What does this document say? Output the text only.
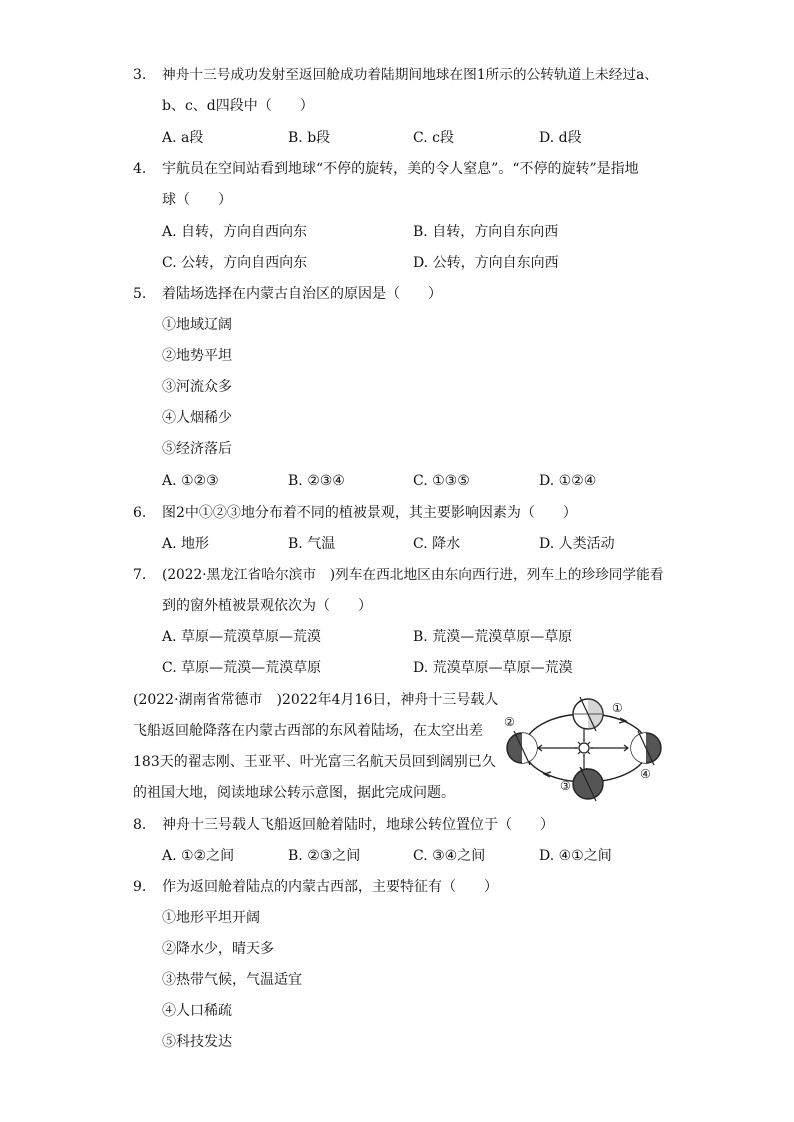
3. 神舟十三号成功发射至返回舱成功着陆期间地球在图1所示的公转轨道上未经过a、
b、c、d四段中（　　）
A. a段	B. b段	C. c段	D. d段
4. 宇航员在空间站看到地球“不停的旋转，美的令人窒息”。“不停的旋转”是指地
球（　　）
A. 自转，方向自西向东	B. 自转，方向自东向西
C. 公转，方向自西向东	D. 公转，方向自东向西
5. 着陆场选择在内蒙古自治区的原因是（　　）
①地域辽阔
②地势平坦
③河流众多
④人烟稀少
⑤经济落后
A. ①②③	B. ②③④	C. ①③⑤	D. ①②④
6. 图2中①②③地分布着不同的植被景观，其主要影响因素为（　　）
A. 地形	B. 气温	C. 降水	D. 人类活动
7. (2022·黑龙江省哈尔滨市　)列车在西北地区由东向西行进，列车上的珍珍同学能看
到的窗外植被景观依次为（　　）
A. 草原—荒漠草原—荒漠	B. 荒漠—荒漠草原—草原
C. 草原—荒漠—荒漠草原	D. 荒漠草原—草原—荒漠
(2022·湖南省常德市　)2022年4月16日，神舟十三号载人
飞船返回舱降落在内蒙古西部的东风着陆场，在太空出差
183天的翟志刚、王亚平、叶光富三名航天员回到阔别已久
的祖国大地，阅读地球公转示意图，据此完成问题。
①
②
③
④
8. 神舟十三号载人飞船返回舱着陆时，地球公转位置位于（　　）
A. ①②之间	B. ②③之间	C. ③④之间	D. ④①之间
9. 作为返回舱着陆点的内蒙古西部，主要特征有（　　）
①地形平坦开阔
②降水少，晴天多
③热带气候，气温适宜
④人口稀疏
⑤科技发达
